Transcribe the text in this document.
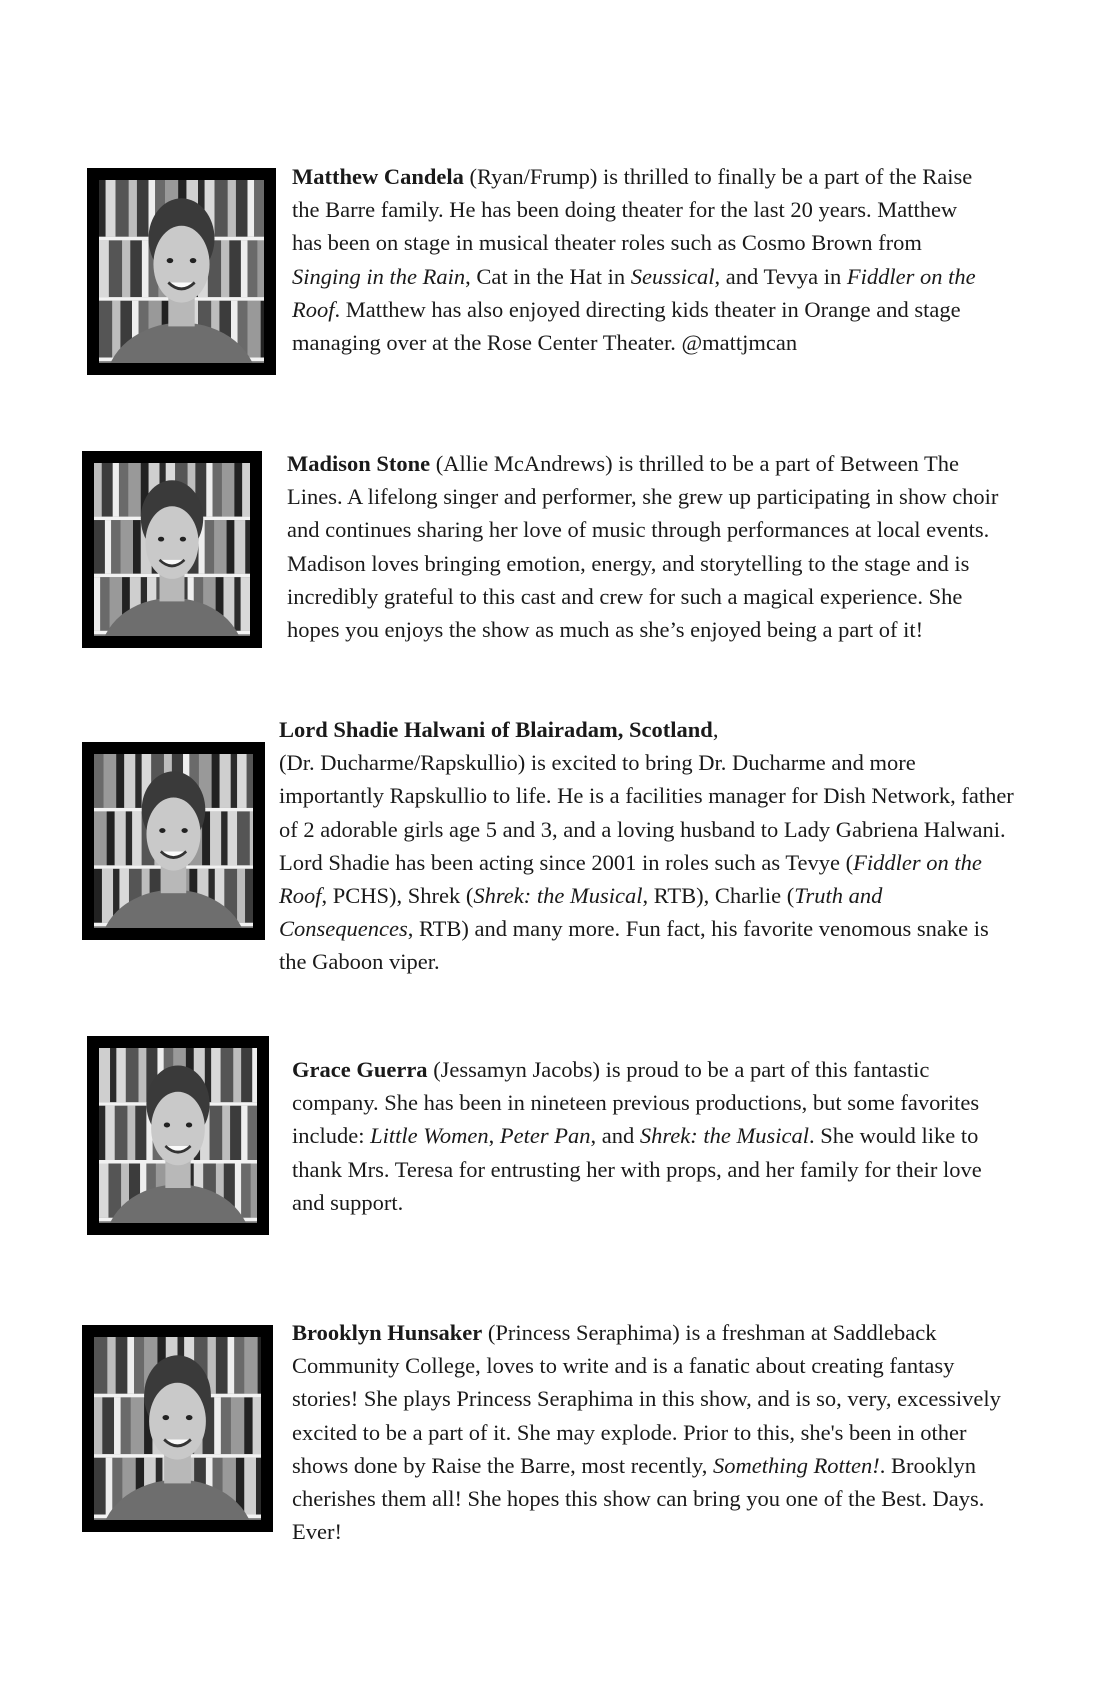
Matthew Candela (Ryan/Frump) is thrilled to finally be a part of the Raise the Barre family. He has been doing theater for the last 20 years. Matthew has been on stage in musical theater roles such as Cosmo Brown from Singing in the Rain, Cat in the Hat in Seussical, and Tevya in Fiddler on the Roof. Matthew has also enjoyed directing kids theater in Orange and stage managing over at the Rose Center Theater. @mattjmcan
Madison Stone (Allie McAndrews) is thrilled to be a part of Between The Lines. A lifelong singer and performer, she grew up participating in show choir and continues sharing her love of music through performances at local events. Madison loves bringing emotion, energy, and storytelling to the stage and is incredibly grateful to this cast and crew for such a magical experience. She hopes you enjoys the show as much as she’s enjoyed being a part of it!
Lord Shadie Halwani of Blairadam, Scotland,
(Dr. Ducharme/Rapskullio) is excited to bring Dr. Ducharme and more importantly Rapskullio to life. He is a facilities manager for Dish Network, father of 2 adorable girls age 5 and 3, and a loving husband to Lady Gabriena Halwani. Lord Shadie has been acting since 2001 in roles such as Tevye (Fiddler on the Roof, PCHS), Shrek (Shrek: the Musical, RTB), Charlie (Truth and Consequences, RTB) and many more. Fun fact, his favorite venomous snake is the Gaboon viper.
Grace Guerra (Jessamyn Jacobs) is proud to be a part of this fantastic company. She has been in nineteen previous productions, but some favorites include: Little Women, Peter Pan, and Shrek: the Musical. She would like to thank Mrs. Teresa for entrusting her with props, and her family for their love and support.
Brooklyn Hunsaker (Princess Seraphima) is a freshman at Saddleback Community College, loves to write and is a fanatic about creating fantasy stories! She plays Princess Seraphima in this show, and is so, very, excessively excited to be a part of it. She may explode. Prior to this, she's been in other shows done by Raise the Barre, most recently, Something Rotten!. Brooklyn cherishes them all! She hopes this show can bring you one of the Best. Days. Ever!
